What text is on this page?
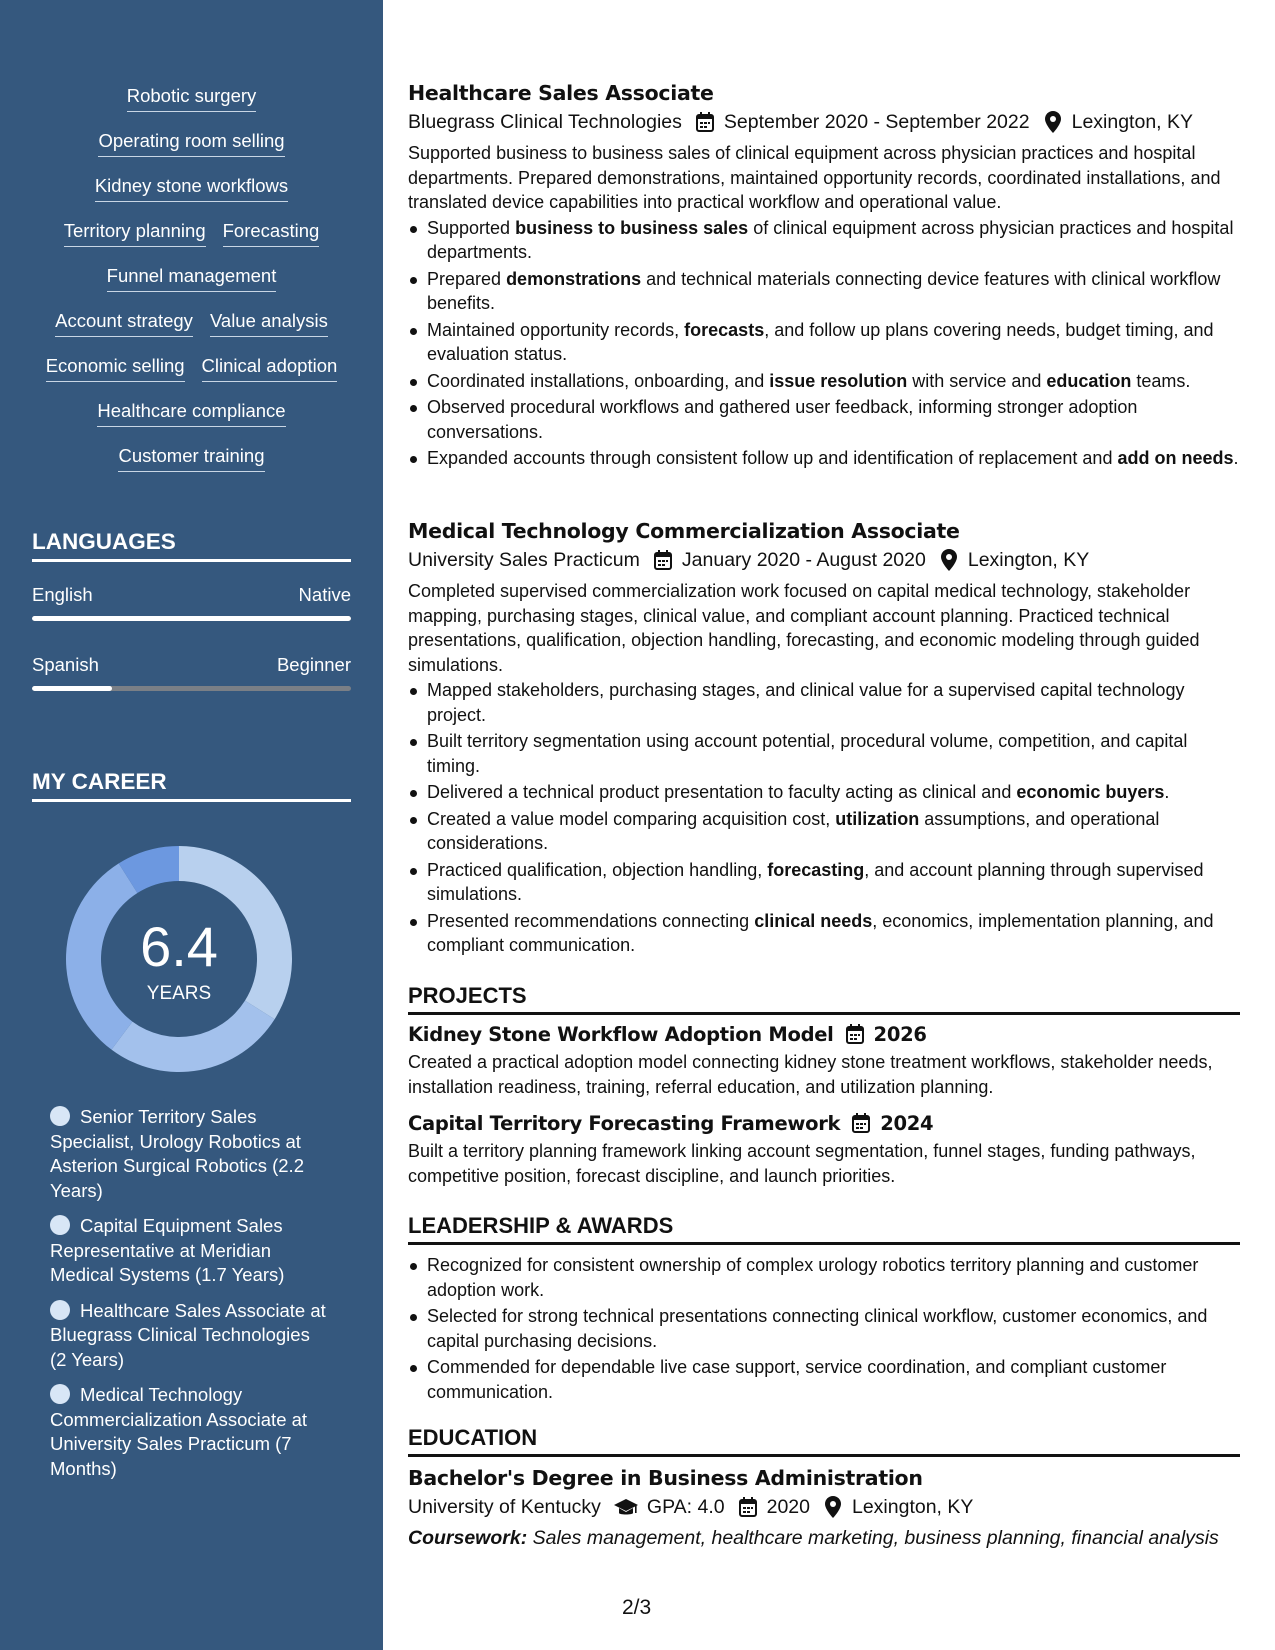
Robotic surgery
Operating room selling
Kidney stone workflows
Territory planning Forecasting
Funnel management
Account strategy Value analysis
Economic selling Clinical adoption
Healthcare compliance
Customer training
LANGUAGES
English	Native
Spanish	Beginner
MY CAREER
6.4
YEARS
Senior Territory Sales Specialist, Urology Robotics at Asterion Surgical Robotics (2.2 Years)
Capital Equipment Sales Representative at Meridian Medical Systems (1.7 Years)
Healthcare Sales Associate at Bluegrass Clinical Technologies (2 Years)
Medical Technology Commercialization Associate at University Sales Practicum (7 Months)
Healthcare Sales Associate
Bluegrass Clinical Technologies September 2020 - September 2022 Lexington, KY

Supported business to business sales of clinical equipment across physician practices and hospital departments. Prepared demonstrations, maintained opportunity records, coordinated installations, and translated device capabilities into practical workflow and operational value.

Supported business to business sales of clinical equipment across physician practices and hospital departments.
Prepared demonstrations and technical materials connecting device features with clinical workflow benefits.
Maintained opportunity records, forecasts, and follow up plans covering needs, budget timing, and evaluation status.
Coordinated installations, onboarding, and issue resolution with service and education teams.
Observed procedural workflows and gathered user feedback, informing stronger adoption conversations.
Expanded accounts through consistent follow up and identification of replacement and add on needs.
Medical Technology Commercialization Associate
University Sales Practicum January 2020 - August 2020 Lexington, KY

Completed supervised commercialization work focused on capital medical technology, stakeholder mapping, purchasing stages, clinical value, and compliant account planning. Practiced technical presentations, qualification, objection handling, forecasting, and economic modeling through guided simulations.

Mapped stakeholders, purchasing stages, and clinical value for a supervised capital technology project.
Built territory segmentation using account potential, procedural volume, competition, and capital timing.
Delivered a technical product presentation to faculty acting as clinical and economic buyers.
Created a value model comparing acquisition cost, utilization assumptions, and operational considerations.
Practiced qualification, objection handling, forecasting, and account planning through supervised simulations.
Presented recommendations connecting clinical needs, economics, implementation planning, and compliant communication.
PROJECTS
Kidney Stone Workflow Adoption Model 2026

Created a practical adoption model connecting kidney stone treatment workflows, stakeholder needs, installation readiness, training, referral education, and utilization planning.

Capital Territory Forecasting Framework 2024

Built a territory planning framework linking account segmentation, funnel stages, funding pathways, competitive position, forecast discipline, and launch priorities.

LEADERSHIP & AWARDS
Recognized for consistent ownership of complex urology robotics territory planning and customer adoption work.
Selected for strong technical presentations connecting clinical workflow, customer economics, and capital purchasing decisions.
Commended for dependable live case support, service coordination, and compliant customer communication.
EDUCATION
Bachelor's Degree in Business Administration
University of Kentucky GPA: 4.0 2020 Lexington, KY

Coursework: Sales management, healthcare marketing, business planning, financial analysis

2/3
